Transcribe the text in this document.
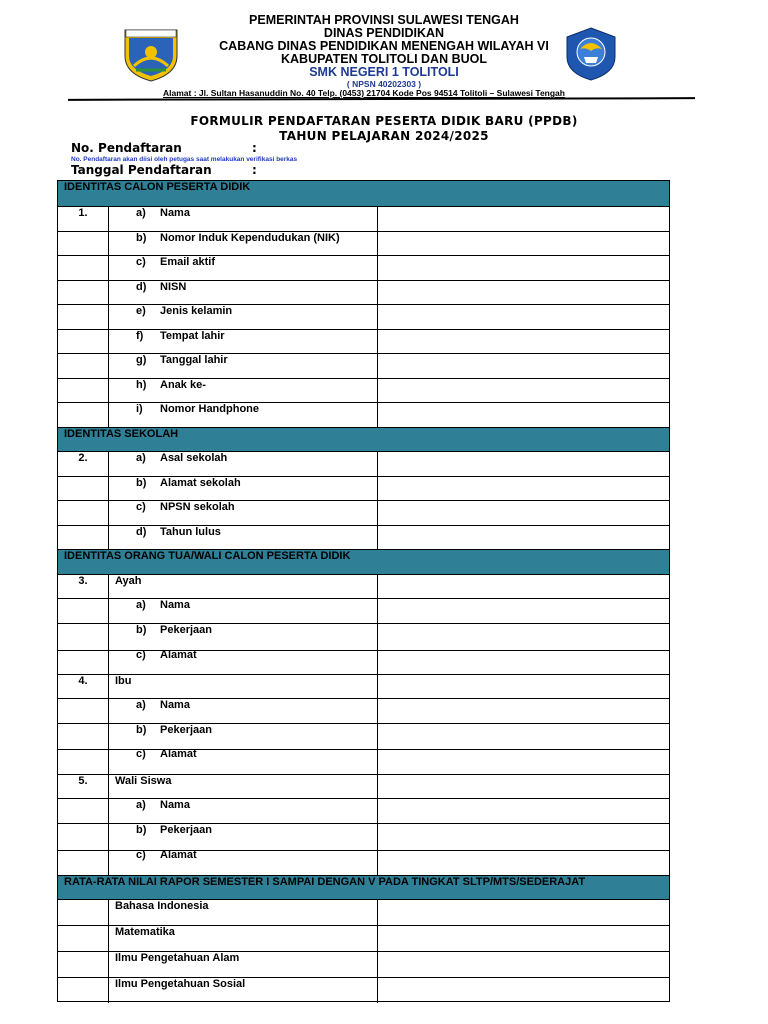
PEMERINTAH PROVINSI SULAWESI TENGAH
DINAS PENDIDIKAN
CABANG DINAS PENDIDIKAN MENENGAH WILAYAH VI
KABUPATEN TOLITOLI DAN BUOL
SMK NEGERI 1 TOLITOLI
( NPSN 40202303 )
Alamat : Jl. Sultan Hasanuddin No. 40 Telp. (0453) 21704 Kode Pos 94514 Tolitoli – Sulawesi Tengah
FORMULIR PENDAFTARAN PESERTA DIDIK BARU (PPDB)
TAHUN PELAJARAN 2024/2025
No. Pendaftaran	:
No. Pendaftaran akan diisi oleh petugas saat melakukan verifikasi berkas
Tanggal Pendaftaran	:
IDENTITAS CALON PESERTA DIDIK
1.	a)	Nama
b)	Nomor Induk Kependudukan (NIK)
c)	Email aktif
d)	NISN
e)	Jenis kelamin
f)	Tempat lahir
g)	Tanggal lahir
h)	Anak ke-
i)	Nomor Handphone
IDENTITAS SEKOLAH
2.	a)	Asal sekolah
b)	Alamat sekolah
c)	NPSN sekolah
d)	Tahun lulus
IDENTITAS ORANG TUA/WALI CALON PESERTA DIDIK
3.	Ayah
a)	Nama
b)	Pekerjaan
c)	Alamat
4.	Ibu
a)	Nama
b)	Pekerjaan
c)	Alamat
5.	Wali Siswa
a)	Nama
b)	Pekerjaan
c)	Alamat
RATA-RATA NILAI RAPOR SEMESTER I SAMPAI DENGAN V PADA TINGKAT SLTP/MTS/SEDERAJAT
Bahasa Indonesia
Matematika
Ilmu Pengetahuan Alam
Ilmu Pengetahuan Sosial
